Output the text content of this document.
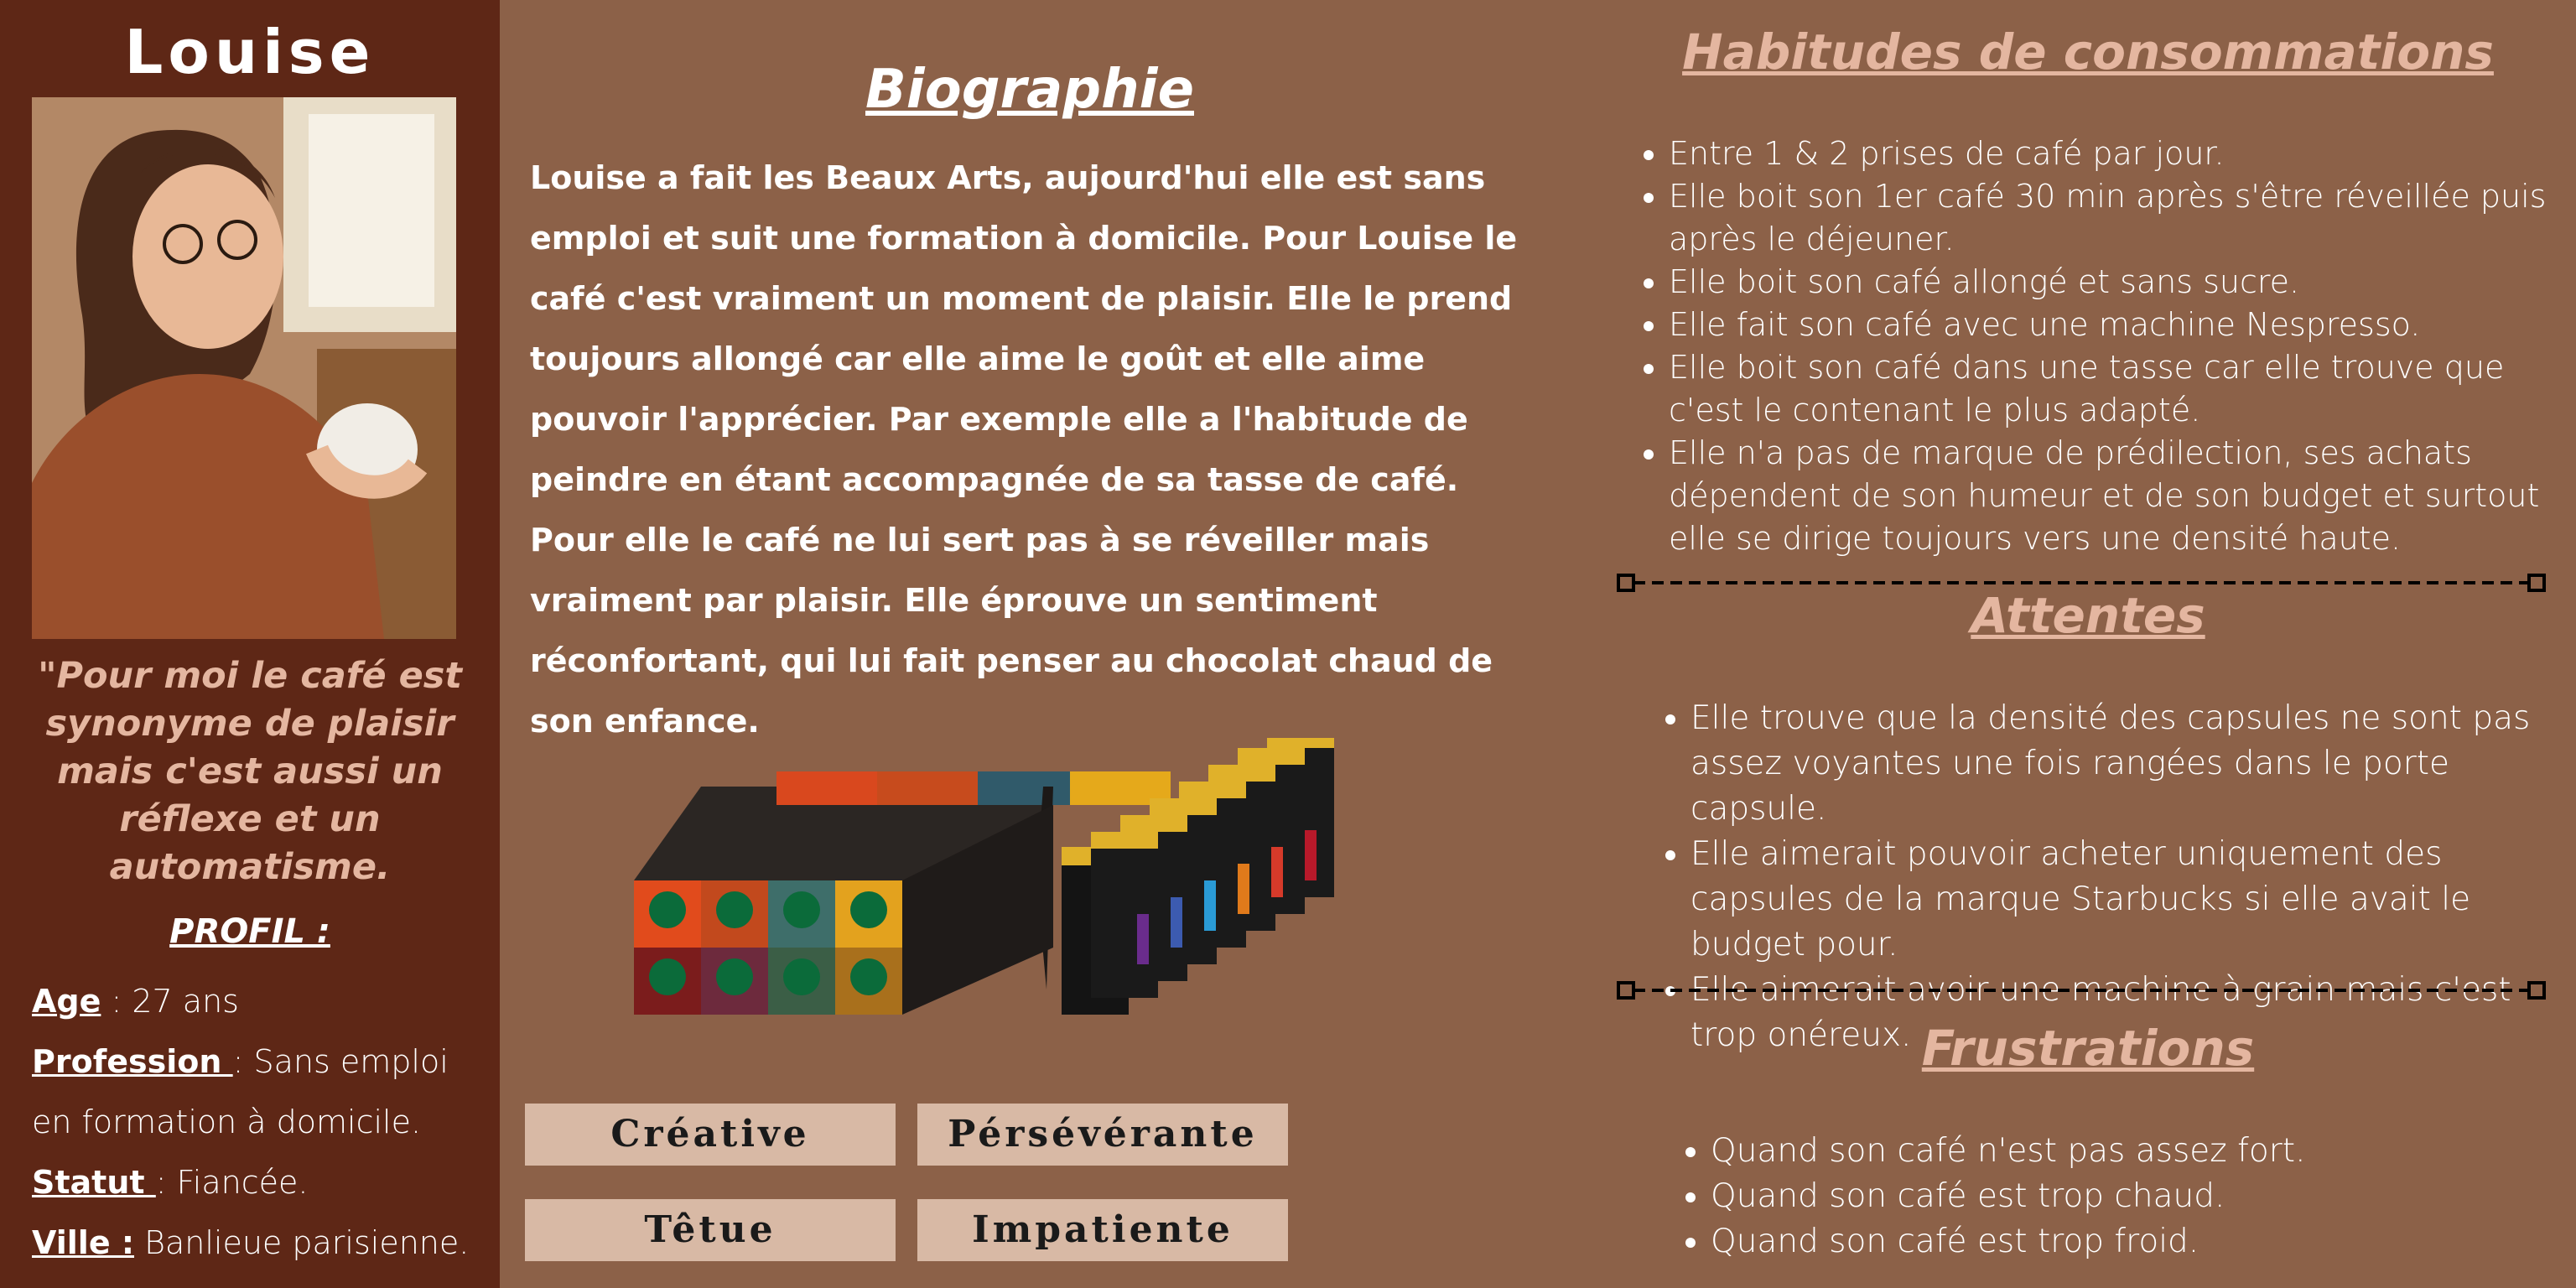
Louise
"Pour moi le café est synonyme de plaisir mais c'est aussi un réflexe et un automatisme.
PROFIL :
Age : 27 ans
Profession : Sans emploi en formation à domicile.
Statut : Fiancée.
Ville : Banlieue parisienne.
Biographie
Louise a fait les Beaux Arts, aujourd'hui elle est sans emploi et suit une formation à domicile. Pour Louise le café c'est vraiment un moment de plaisir. Elle le prend toujours allongé car elle aime le goût et elle aime pouvoir l'apprécier. Par exemple elle a l'habitude de peindre en étant accompagnée de sa tasse de café. Pour elle le café ne lui sert pas à se réveiller mais vraiment par plaisir. Elle éprouve un sentiment réconfortant, qui lui fait penser au chocolat chaud de son enfance.
Créative	Pérsévérante
Têtue	Impatiente
Habitudes de consommations
• Entre 1 & 2 prises de café par jour.
• Elle boit son 1er café 30 min après s'être réveillée puis après le déjeuner.
• Elle boit son café allongé et sans sucre.
• Elle fait son café avec une machine Nespresso.
• Elle boit son café dans une tasse car elle trouve que c'est le contenant le plus adapté.
• Elle n'a pas de marque de prédilection, ses achats dépendent de son humeur et de son budget et surtout elle se dirige toujours vers une densité haute.
Attentes
• Elle trouve que la densité des capsules ne sont pas assez voyantes une fois rangées dans le porte capsule.
• Elle aimerait pouvoir acheter uniquement des capsules de la marque Starbucks si elle avait le budget pour.
• Elle aimerait avoir une machine à grain mais c'est trop onéreux. Frustrations
• Quand son café n'est pas assez fort.
• Quand son café est trop chaud.
• Quand son café est trop froid.
